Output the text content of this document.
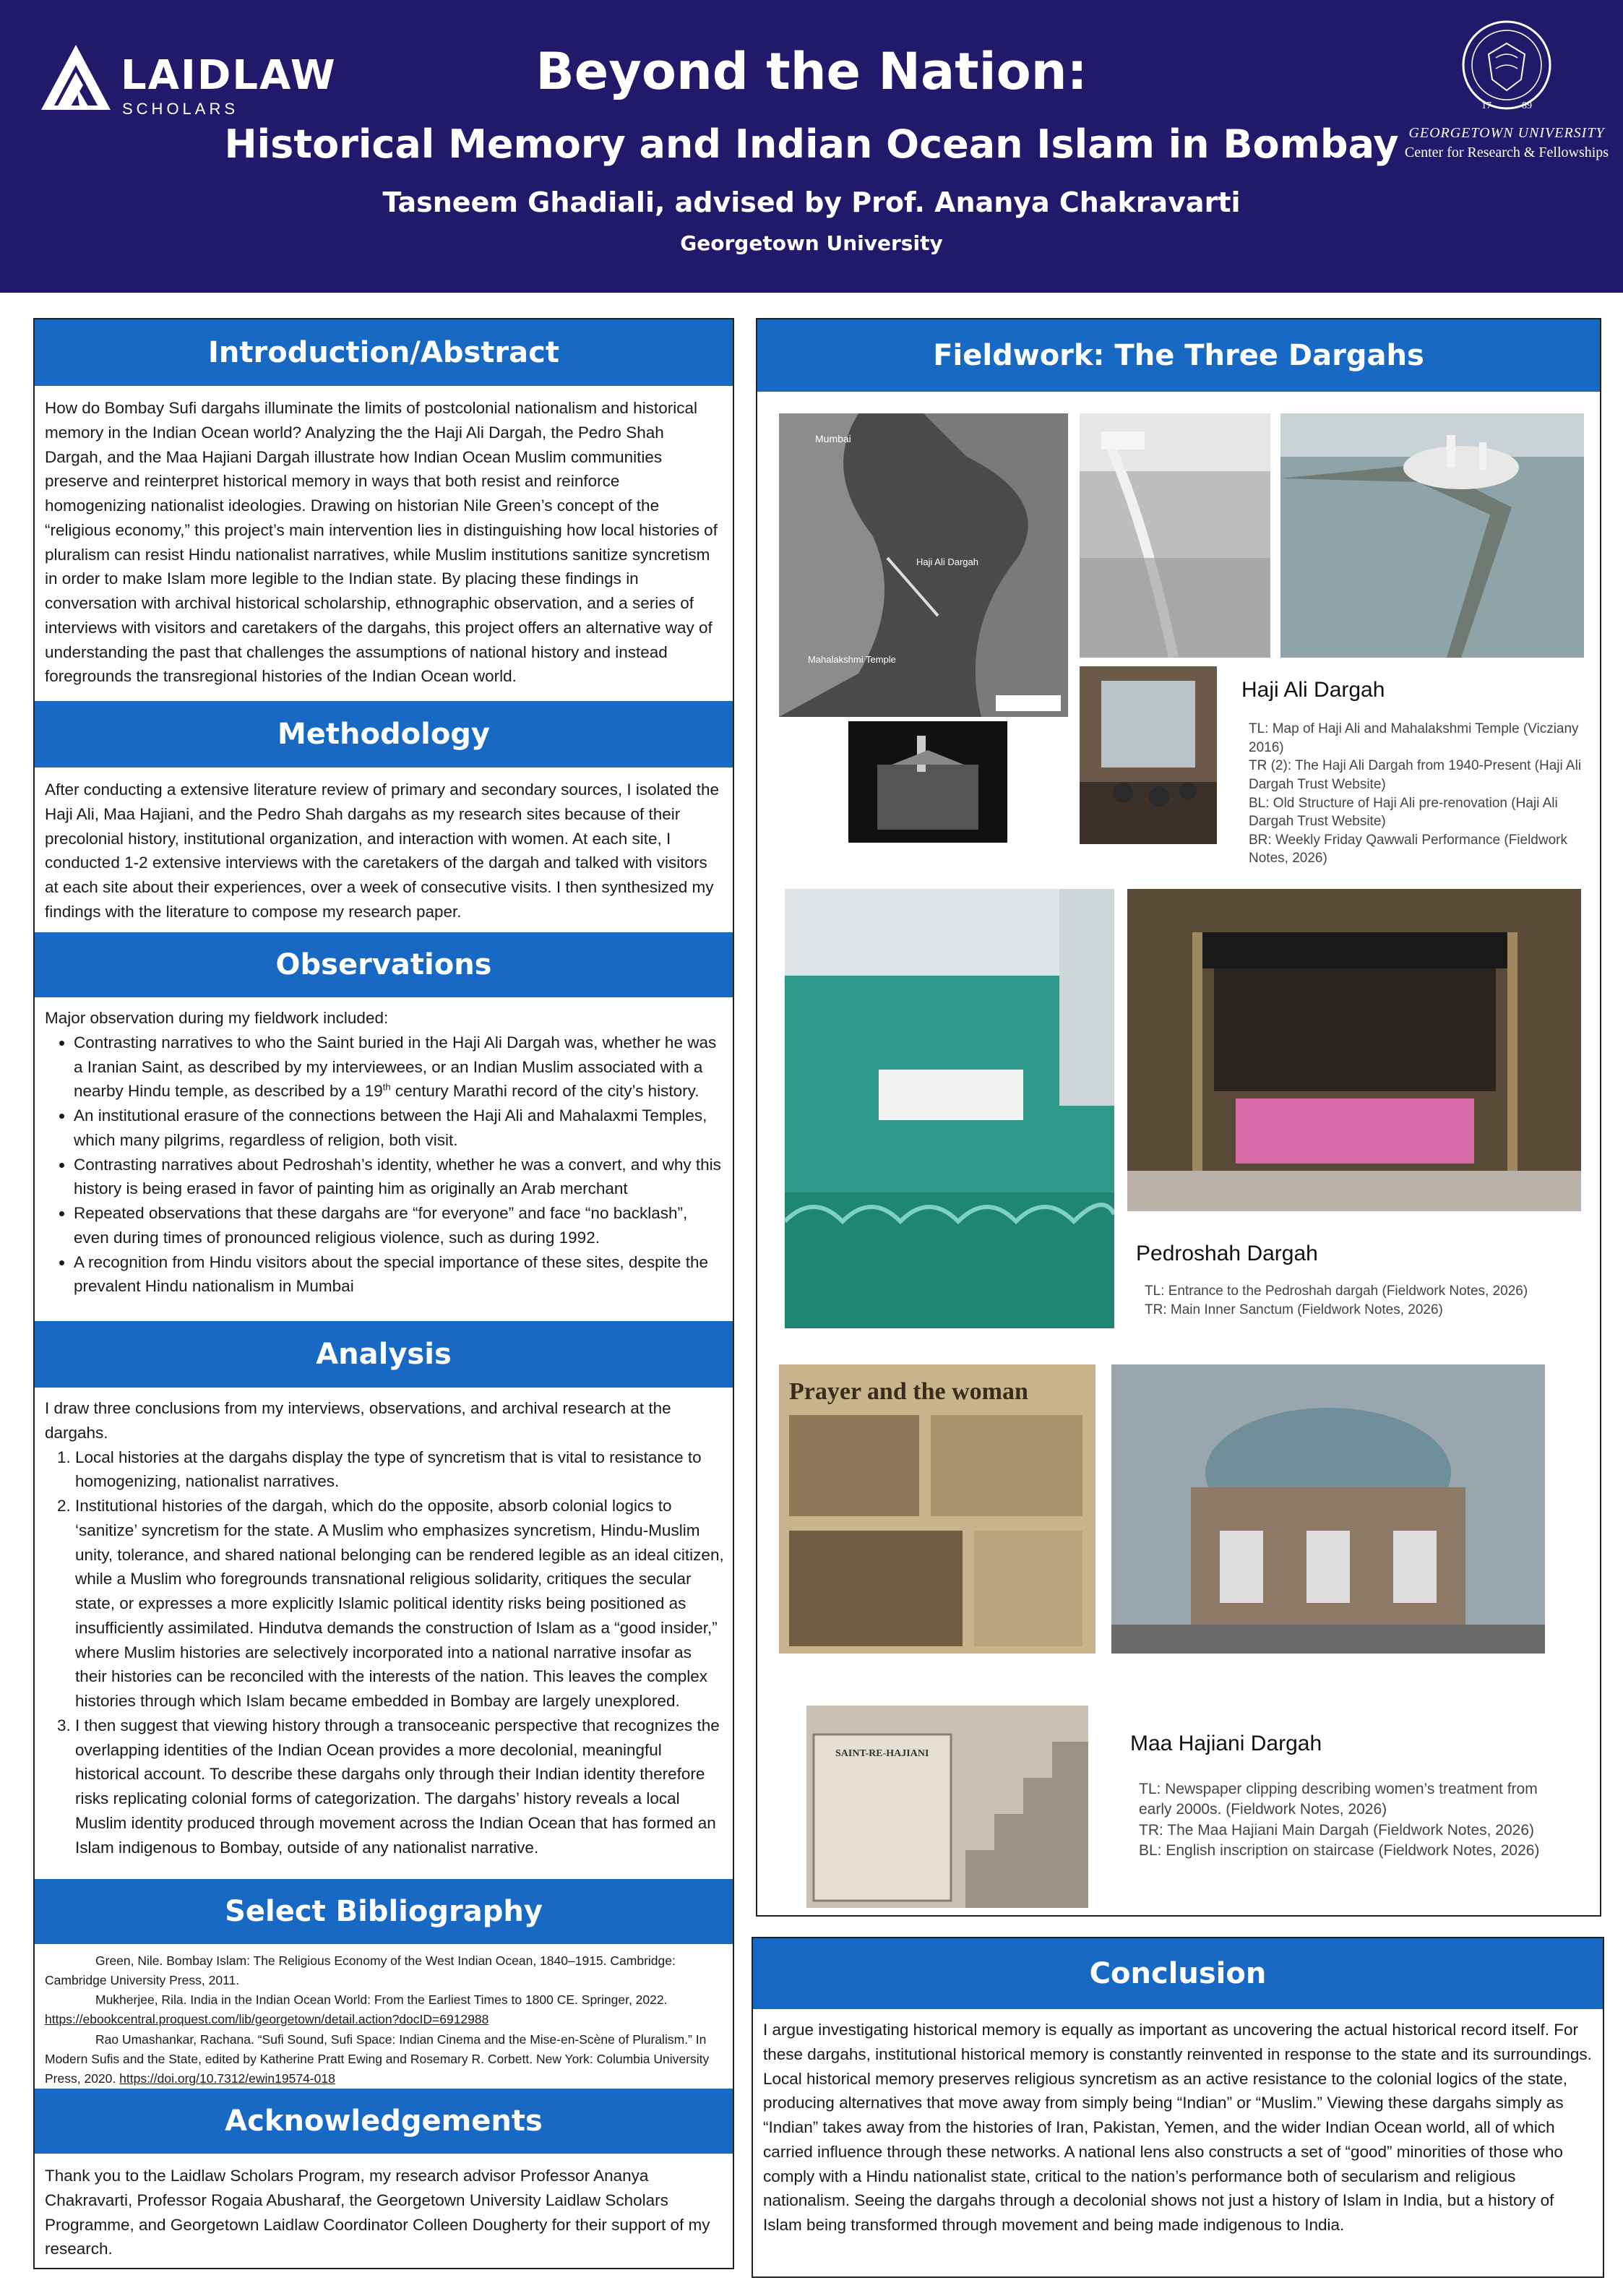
LAIDLAW
SCHOLARS
Beyond the Nation:
Historical Memory and Indian Ocean Islam in Bombay
Tasneem Ghadiali, advised by Prof. Ananya Chakravarti
Georgetown University
17	89
GEORGETOWN UNIVERSITY
Center for Research & Fellowships
Introduction/Abstract
How do Bombay Sufi dargahs illuminate the limits of postcolonial nationalism and historical memory in the Indian Ocean world? Analyzing the the Haji Ali Dargah, the Pedro Shah Dargah, and the Maa Hajiani Dargah illustrate how Indian Ocean Muslim communities preserve and reinterpret historical memory in ways that both resist and reinforce homogenizing nationalist ideologies. Drawing on historian Nile Green’s concept of the “religious economy,” this project’s main intervention lies in distinguishing how local histories of pluralism can resist Hindu nationalist narratives, while Muslim institutions sanitize syncretism in order to make Islam more legible to the Indian state. By placing these findings in conversation with archival historical scholarship, ethnographic observation, and a series of interviews with visitors and caretakers of the dargahs, this project offers an alternative way of understanding the past that challenges the assumptions of national history and instead foregrounds the transregional histories of the Indian Ocean world.
Methodology
After conducting a extensive literature review of primary and secondary sources, I isolated the Haji Ali, Maa Hajiani, and the Pedro Shah dargahs as my research sites because of their precolonial history, institutional organization, and interaction with women. At each site, I conducted 1-2 extensive interviews with the caretakers of the dargah and talked with visitors at each site about their experiences, over a week of consecutive visits. I then synthesized my findings with the literature to compose my research paper.
Observations
Major observation during my fieldwork included:
• Contrasting narratives to who the Saint buried in the Haji Ali Dargah was, whether he was a Iranian Saint, as described by my interviewees, or an Indian Muslim associated with a nearby Hindu temple, as described by a 19th century Marathi record of the city’s history.
• An institutional erasure of the connections between the Haji Ali and Mahalaxmi Temples, which many pilgrims, regardless of religion, both visit.
• Contrasting narratives about Pedroshah’s identity, whether he was a convert, and why this history is being erased in favor of painting him as originally an Arab merchant
• Repeated observations that these dargahs are “for everyone” and face “no backlash”, even during times of pronounced religious violence, such as during 1992.
• A recognition from Hindu visitors about the special importance of these sites, despite the prevalent Hindu nationalism in Mumbai
Analysis
I draw three conclusions from my interviews, observations, and archival research at the dargahs.
1. Local histories at the dargahs display the type of syncretism that is vital to resistance to homogenizing, nationalist narratives.
2. Institutional histories of the dargah, which do the opposite, absorb colonial logics to ‘sanitize’ syncretism for the state. A Muslim who emphasizes syncretism, Hindu-Muslim unity, tolerance, and shared national belonging can be rendered legible as an ideal citizen, while a Muslim who foregrounds transnational religious solidarity, critiques the secular state, or expresses a more explicitly Islamic political identity risks being positioned as insufficiently assimilated. Hindutva demands the construction of Islam as a “good insider,” where Muslim histories are selectively incorporated into a national narrative insofar as their histories can be reconciled with the interests of the nation. This leaves the complex histories through which Islam became embedded in Bombay are largely unexplored.
3. I then suggest that viewing history through a transoceanic perspective that recognizes the overlapping identities of the Indian Ocean provides a more decolonial, meaningful historical account. To describe these dargahs only through their Indian identity therefore risks replicating colonial forms of categorization. The dargahs’ history reveals a local Muslim identity produced through movement across the Indian Ocean that has formed an Islam indigenous to Bombay, outside of any nationalist narrative.
Select Bibliography

Green, Nile. Bombay Islam: The Religious Economy of the West Indian Ocean, 1840–1915. Cambridge: Cambridge University Press, 2011.

Mukherjee, Rila. India in the Indian Ocean World: From the Earliest Times to 1800 CE. Springer, 2022. https://ebookcentral.proquest.com/lib/georgetown/detail.action?docID=6912988

Rao Umashankar, Rachana. “Sufi Sound, Sufi Space: Indian Cinema and the Mise-en-Scène of Pluralism.” In Modern Sufis and the State, edited by Katherine Pratt Ewing and Rosemary R. Corbett. New York: Columbia University Press, 2020. https://doi.org/10.7312/ewin19574-018

Acknowledgements
Thank you to the Laidlaw Scholars Program, my research advisor Professor Ananya Chakravarti, Professor Rogaia Abusharaf, the Georgetown University Laidlaw Scholars Programme, and Georgetown Laidlaw Coordinator Colleen Dougherty for their support of my research.
Fieldwork: The Three Dargahs
Mumbai
Haji Ali Dargah
Mahalakshmi Temple
Haji Ali Dargah
TL: Map of Haji Ali and Mahalakshmi Temple (Vicziany 2016)
TR (2): The Haji Ali Dargah from 1940-Present (Haji Ali Dargah Trust Website)
BL: Old Structure of Haji Ali pre-renovation (Haji Ali Dargah Trust Website)
BR: Weekly Friday Qawwali Performance (Fieldwork Notes, 2026)
Pedroshah Dargah
TL: Entrance to the Pedroshah dargah (Fieldwork Notes, 2026)
TR: Main Inner Sanctum (Fieldwork Notes, 2026)
Prayer and the woman
SAINT-RE-HAJIANI	Maa Hajiani Dargah
TL: Newspaper clipping describing women’s treatment from early 2000s. (Fieldwork Notes, 2026)
TR: The Maa Hajiani Main Dargah (Fieldwork Notes, 2026)
BL: English inscription on staircase (Fieldwork Notes, 2026)
Conclusion
I argue investigating historical memory is equally as important as uncovering the actual historical record itself. For these dargahs, institutional historical memory is constantly reinvented in response to the state and its surroundings. Local historical memory preserves religious syncretism as an active resistance to the colonial logics of the state, producing alternatives that move away from simply being “Indian” or “Muslim.” Viewing these dargahs simply as “Indian” takes away from the histories of Iran, Pakistan, Yemen, and the wider Indian Ocean world, all of which carried influence through these networks. A national lens also constructs a set of “good” minorities of those who comply with a Hindu nationalist state, critical to the nation’s performance both of secularism and religious nationalism. Seeing the dargahs through a decolonial shows not just a history of Islam in India, but a history of Islam being transformed through movement and being made indigenous to India.
